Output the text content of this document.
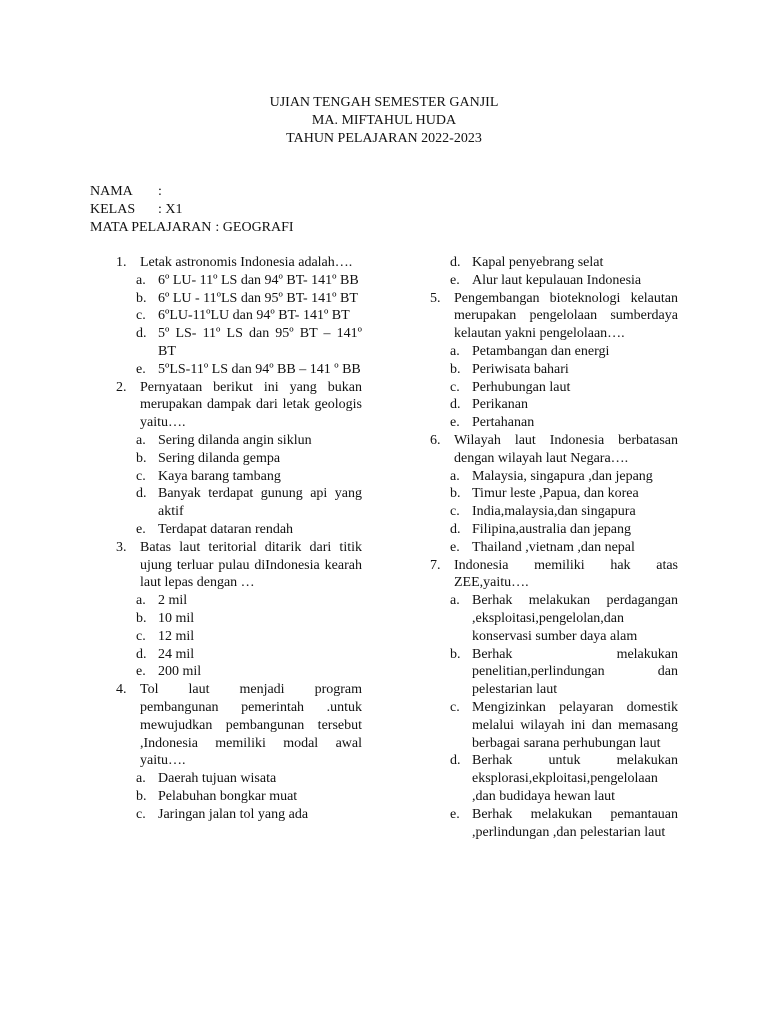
UJIAN TENGAH SEMESTER GANJIL
MA. MIFTAHUL HUDA
TAHUN PELAJARAN 2022-2023
NAMA	:
KELAS	: X1
MATA PELAJARAN : GEOGRAFI
1. Letak astronomis Indonesia adalah….
a. 6º LU- 11º LS dan 94º BT- 141º BB
b. 6º LU - 11ºLS dan 95º BT- 141º BT
c. 6ºLU-11ºLU dan 94º BT- 141º BT
d. 5º LS- 11º LS dan 95º BT – 141º BT
e. 5ºLS-11º LS dan 94º BB – 141 º BB
2. Pernyataan berikut ini yang bukan merupakan dampak dari letak geologis yaitu….
a. Sering dilanda angin siklun
b. Sering dilanda gempa
c. Kaya barang tambang
d. Banyak terdapat gunung api yang aktif
e. Terdapat dataran rendah
3. Batas laut teritorial ditarik dari titik ujung terluar pulau diIndonesia kearah laut lepas dengan …
a. 2 mil
b. 10 mil
c. 12 mil
d. 24 mil
e. 200 mil
4. Tol laut menjadi program pembangunan pemerintah .untuk mewujudkan pembangunan tersebut ,Indonesia memiliki modal awal yaitu….
a. Daerah tujuan wisata
b. Pelabuhan bongkar muat
c. Jaringan jalan tol yang ada
d. Kapal penyebrang selat
e. Alur laut kepulauan Indonesia
5. Pengembangan bioteknologi kelautan merupakan pengelolaan sumberdaya kelautan yakni pengelolaan….
a. Petambangan dan energi
b. Periwisata bahari
c. Perhubungan laut
d. Perikanan
e. Pertahanan
6. Wilayah laut Indonesia berbatasan dengan wilayah laut Negara….
a. Malaysia, singapura ,dan jepang
b. Timur leste ,Papua, dan korea
c. India,malaysia,dan singapura
d. Filipina,australia dan jepang
e. Thailand ,vietnam ,dan nepal
7. Indonesia memiliki hak atas ZEE,yaitu….
a. Berhak melakukan perdagangan ,eksploitasi,pengelolan,dan konservasi sumber daya alam
b. Berhak melakukan penelitian,perlindungan dan pelestarian laut
c. Mengizinkan pelayaran domestik melalui wilayah ini dan memasang berbagai sarana perhubungan laut
d. Berhak untuk melakukan eksplorasi,ekploitasi,pengelolaan ,dan budidaya hewan laut
e. Berhak melakukan pemantauan ,perlindungan ,dan pelestarian laut
